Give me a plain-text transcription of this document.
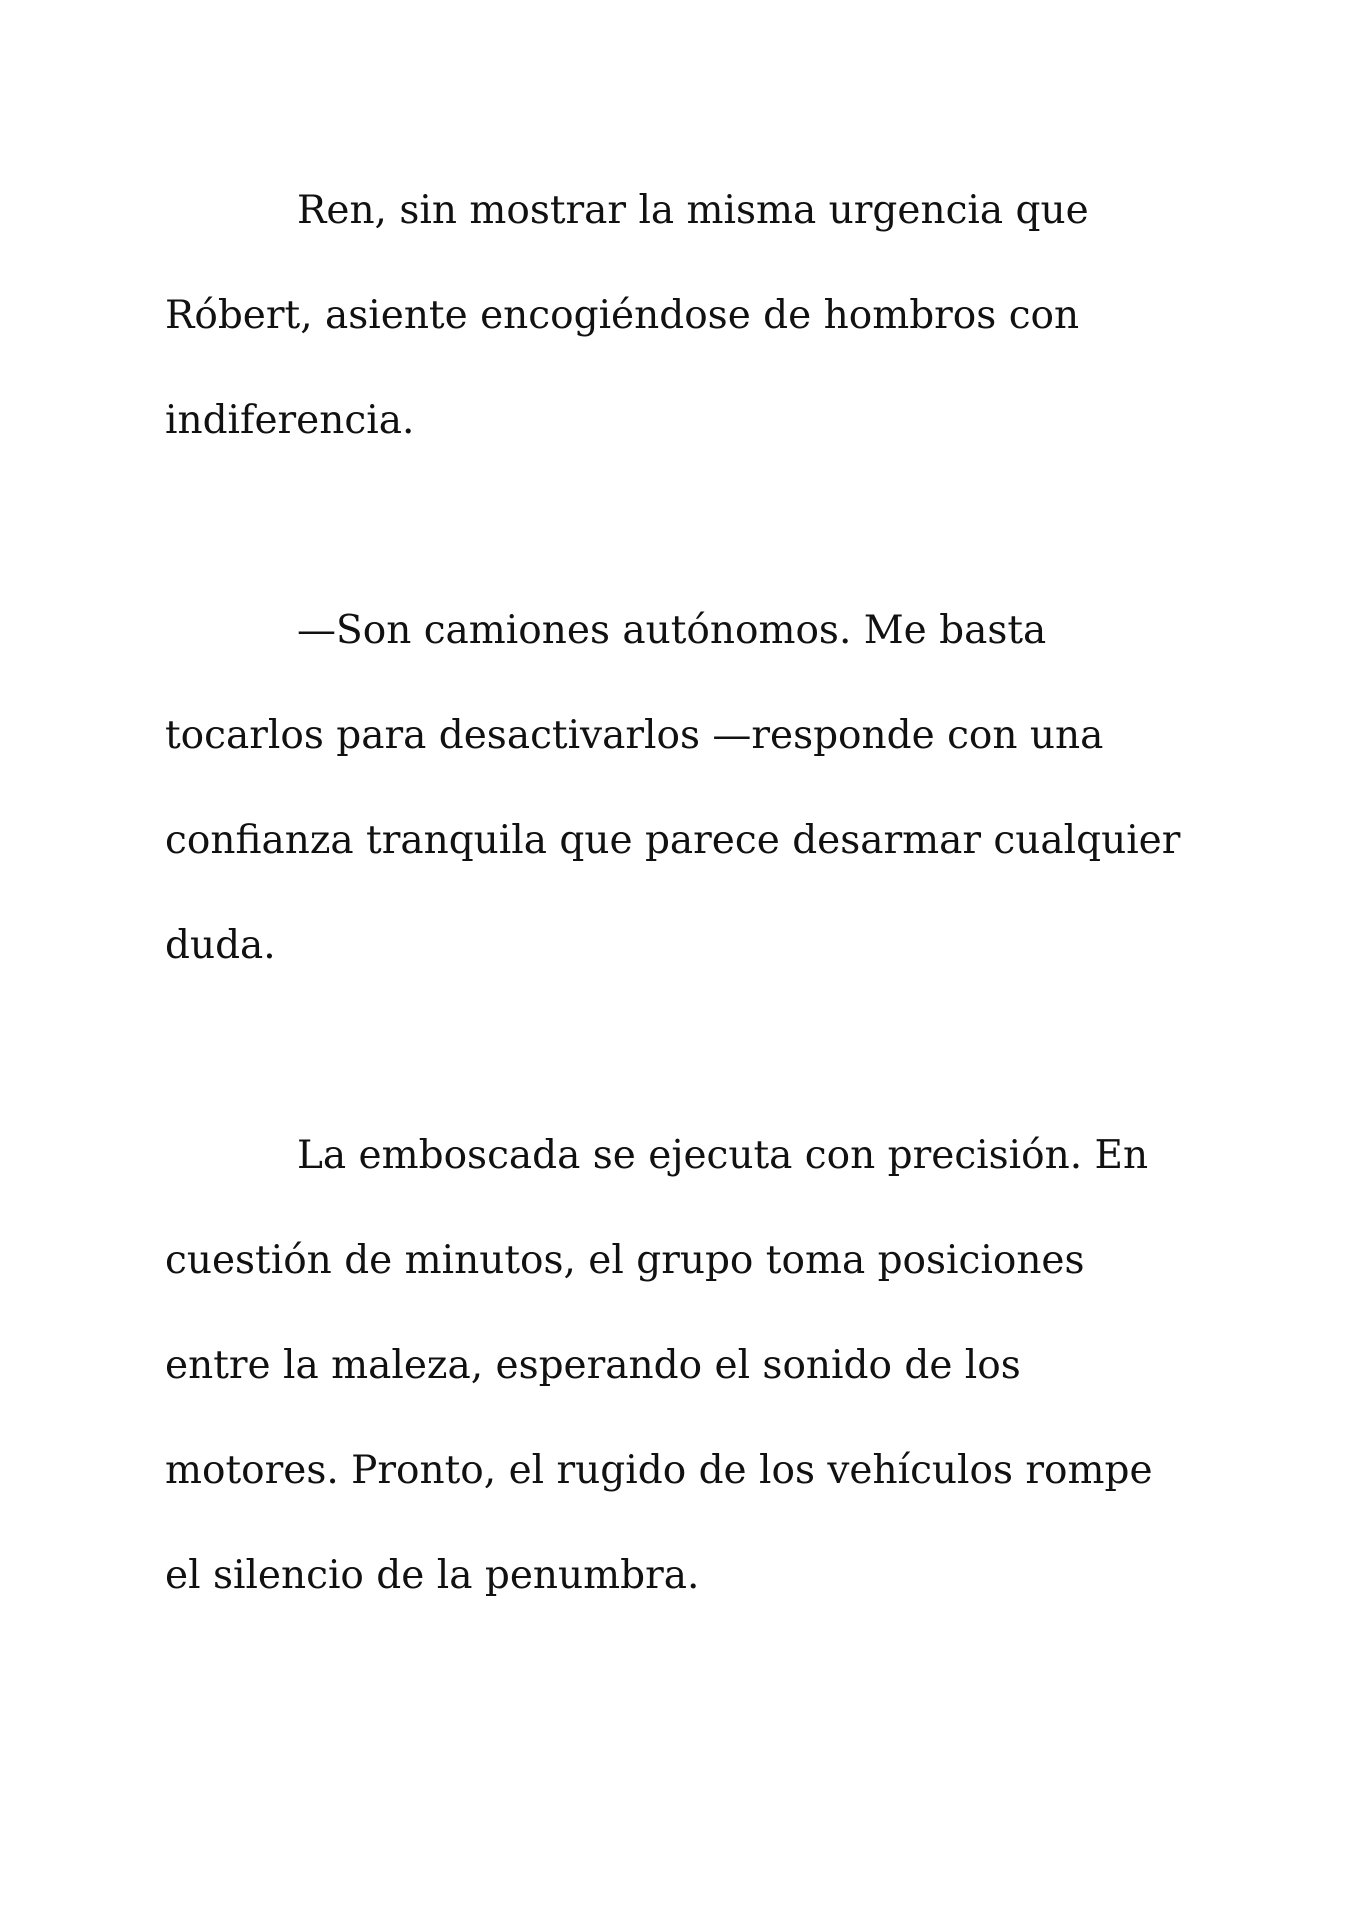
Ren, sin mostrar la misma urgencia que
Róbert, asiente encogiéndose de hombros con
indiferencia.
—Son camiones autónomos. Me basta
tocarlos para desactivarlos —responde con una
confianza tranquila que parece desarmar cualquier
duda.
La emboscada se ejecuta con precisión. En
cuestión de minutos, el grupo toma posiciones
entre la maleza, esperando el sonido de los
motores. Pronto, el rugido de los vehículos rompe
el silencio de la penumbra.
